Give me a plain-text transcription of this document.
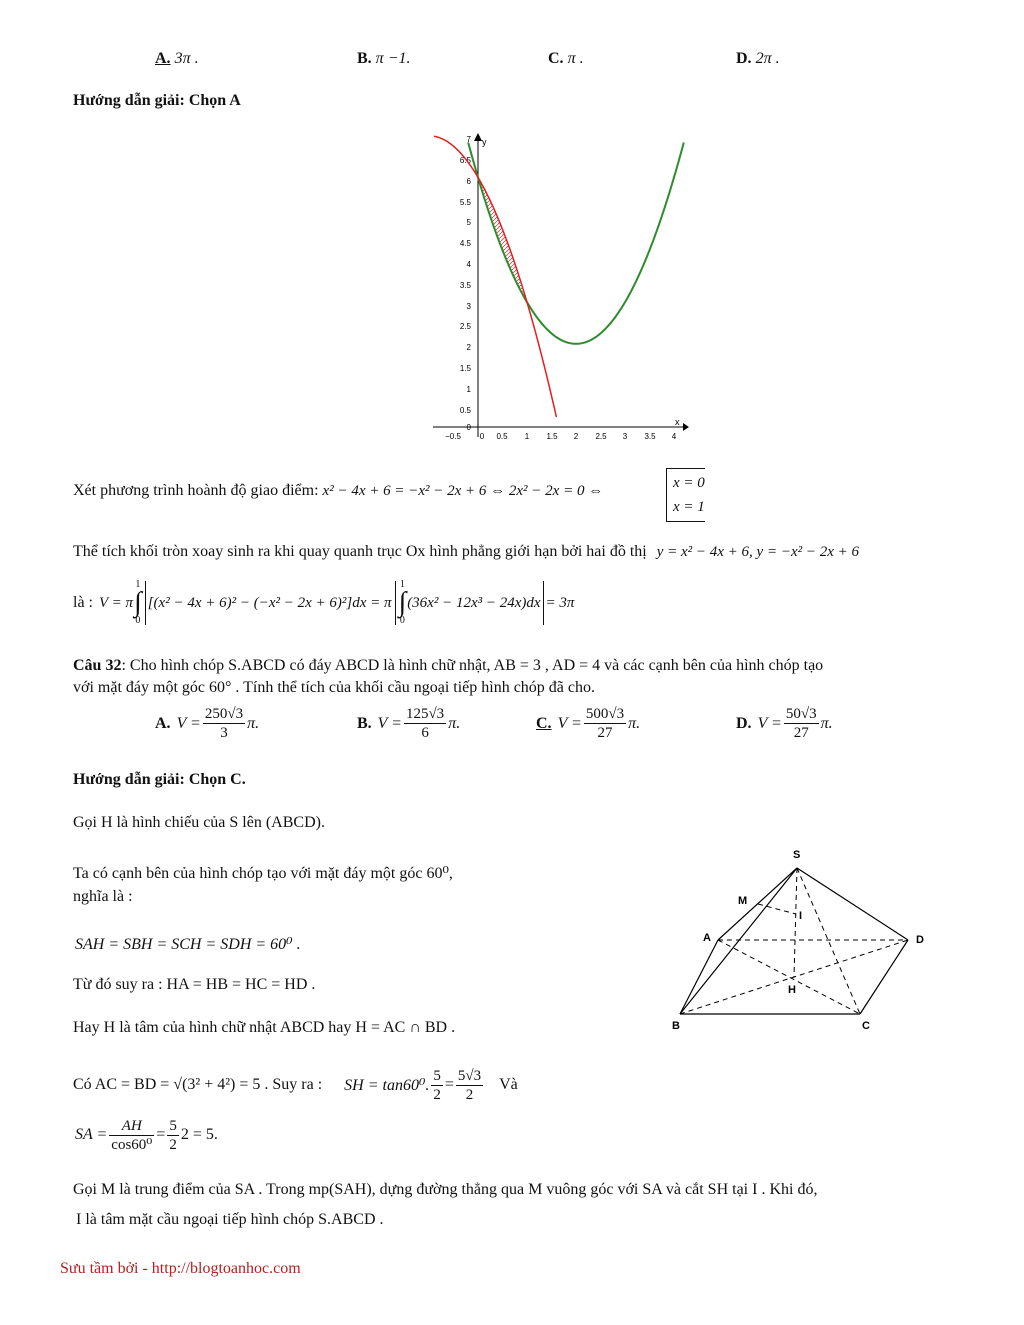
A. 3π .	B. π −1.	C. π .	D. 2π .
Hướng dẫn giải: Chọn A
y
x
0
0.5
1
1.5
2
2.5
3
3.5
4
4.5
5
5.5
6
6.5
7
−0.5 0 0.5 1 1.5 2 2.5 3 3.5 4
Xét phương trình hoành độ giao điểm: x² − 4x + 6 = −x² − 2x + 6 ⇔ 2x² − 2x = 0 ⇔	x = 0
x = 1
Thể tích khối tròn xoay sinh ra khi quay quanh trục Ox hình phẳng giới hạn bởi hai đồ thị y = x² − 4x + 6, y = −x² − 2x + 6
là : V = π
1
∫
0
[(x² − 4x + 6)² − (−x² − 2x + 6)²]dx = π
1
∫
0
(36x² − 12x³ − 24x)dx = 3π
Câu 32: Cho hình chóp S.ABCD có đáy ABCD là hình chữ nhật, AB = 3 , AD = 4 và các cạnh bên của hình chóp tạo
với mặt đáy một góc 60° . Tính thể tích của khối cầu ngoại tiếp hình chóp đã cho.
A. $V = \frac{250√3}{3} \pi$.	B. $V = \frac{125√3}{6} \pi$.	C. $V = \frac{500√3}{27} \pi$.	D. $V = \frac{50√3}{27} \pi$.
Hướng dẫn giải: Chọn C.
Gọi H là hình chiếu của S lên (ABCD).
Ta có cạnh bên của hình chóp tạo với mặt đáy một góc 60⁰,
nghĩa là :
SAH = SBH = SCH = SDH = 60⁰ .
Từ đó suy ra : HA = HB = HC = HD .
Hay H là tâm của hình chữ nhật ABCD hay H = AC ∩ BD .
Có AC = BD = √(3² + 4²) = 5 . Suy ra : SH = tan60⁰. $\frac{5}{2} = \frac{5√3}{2}$ Và
SA = $\frac{AH}{\text{cos60⁰}} = \frac{5}{2} 2 = 5$.
Gọi M là trung điểm của SA . Trong mp(SAH), dựng đường thẳng qua M vuông góc với SA và cắt SH tại I . Khi đó,
I là tâm mặt cầu ngoại tiếp hình chóp S.ABCD .
S
M
I
A	D
H
B	C
Sưu tầm bởi - http://blogtoanhoc.com
